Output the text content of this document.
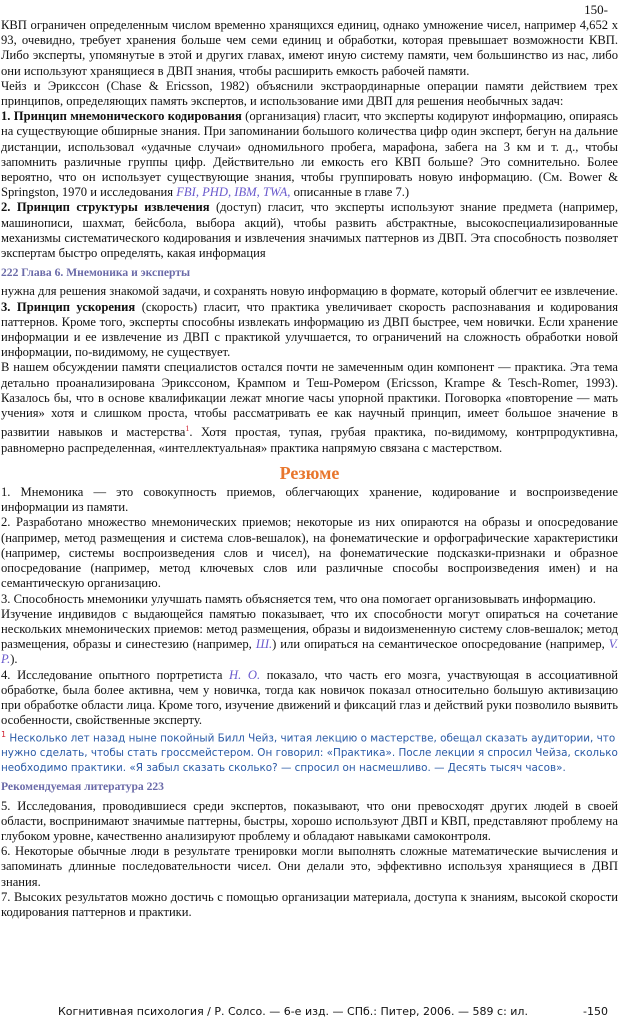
150-

КВП ограничен определенным числом временно хранящихся единиц, однако умножение чисел, например 4,652 x 93, очевидно, требует хранения больше чем семи единиц и обработки, которая превышает возможности КВП. Либо эксперты, упомянутые в этой и других главах, имеют иную систему памяти, чем большинство из нас, либо они используют хранящиеся в ДВП знания, чтобы расширить емкость рабочей памяти.

Чейз и Эрикссон (Chase & Ericsson, 1982) объяснили экстраординарные операции памяти действием трех принципов, определяющих память экспертов, и использование ими ДВП для решения необычных задач:

1. Принцип мнемонического кодирования (организация) гласит, что эксперты кодируют информацию, опираясь на существующие обширные знания. При запоминании большого количества цифр один эксперт, бегун на дальние дистанции, использовал «удачные случаи» одномильного пробега, марафона, забега на 3 км и т. д., чтобы запомнить различные группы цифр. Действительно ли емкость его КВП больше? Это сомнительно. Более вероятно, что он использует существующие знания, чтобы группировать новую информацию. (См. Bower & Springston, 1970 и исследования FBI, PHD, IBM, TWA, описанные в главе 7.)

2. Принцип структуры извлечения (доступ) гласит, что эксперты используют знание предмета (например, машинописи, шахмат, бейсбола, выбора акций), чтобы развить абстрактные, высокоспециализированные механизмы систематического кодирования и извлечения значимых паттернов из ДВП. Эта способность позволяет экспертам быстро определять, какая информация

222 Глава 6. Мнемоника и эксперты

нужна для решения знакомой задачи, и сохранять новую информацию в формате, который облегчит ее извлечение. 3. Принцип ускорения (скорость) гласит, что практика увеличивает скорость распознавания и кодирования паттернов. Кроме того, эксперты способны извлекать информацию из ДВП быстрее, чем новички. Если хранение информации и ее извлечение из ДВП с практикой улучшается, то ограничений на сложность обработки новой информации, по-видимому, не существует.

В нашем обсуждении памяти специалистов остался почти не замеченным один компонент — практика. Эта тема детально проанализирована Эрикссоном, Крампом и Теш-Ромером (Ericsson, Krampe & Tesch-Romer, 1993). Казалось бы, что в основе квалификации лежат многие часы упорной практики. Поговорка «повторение — мать учения» хотя и слишком проста, чтобы рассматривать ее как научный принцип, имеет большое значение в развитии навыков и мастерства$^1$. Хотя простая, тупая, грубая практика, по-видимому, контрпродуктивна, равномерно распределенная, «интеллектуальная» практика напрямую связана с мастерством.

Резюме

1. Мнемоника — это совокупность приемов, облегчающих хранение, кодирование и воспроизведение информации из памяти.

2. Разработано множество мнемонических приемов; некоторые из них опираются на образы и опосредование (например, метод размещения и система слов-вешалок), на фонематические и орфографические характеристики (например, системы воспроизведения слов и чисел), на фонематические подсказки-признаки и образное опосредование (например, метод ключевых слов или различные способы воспроизведения имен) и на семантическую организацию.

3. Способность мнемоники улучшать память объясняется тем, что она помогает организовывать информацию.

Изучение индивидов с выдающейся памятью показывает, что их способности могут опираться на сочетание нескольких мнемонических приемов: метод размещения, образы и видоизмененную систему слов-вешалок; метод размещения, образы и синестезию (например, Ш.) или опираться на семантическое опосредование (например, V. P.).

4. Исследование опытного портретиста Н. О. показало, что часть его мозга, участвующая в ассоциативной обработке, была более активна, чем у новичка, тогда как новичок показал относительно большую активизацию при обработке области лица. Кроме того, изучение движений и фиксаций глаз и действий руки позволило выявить особенности, свойственные эксперту.

$^1$ Несколько лет назад ныне покойный Билл Чейз, читая лекцию о мастерстве, обещал сказать аудитории, что нужно сделать, чтобы стать гроссмейстером. Он говорил: «Практика». После лекции я спросил Чейза, сколько необходимо практики. «Я забыл сказать сколько? — спросил он насмешливо. — Десять тысяч часов».

Рекомендуемая литература 223

5. Исследования, проводившиеся среди экспертов, показывают, что они превосходят других людей в своей области, воспринимают значимые паттерны, быстры, хорошо используют ДВП и КВП, представляют проблему на глубоком уровне, качественно анализируют проблему и обладают навыками самоконтроля.

6. Некоторые обычные люди в результате тренировки могли выполнять сложные математические вычисления и запоминать длинные последовательности чисел. Они делали это, эффективно используя хранящиеся в ДВП знания.

7. Высоких результатов можно достичь с помощью организации материала, доступа к знаниям, высокой скорости кодирования паттернов и практики.

Когнитивная психология / Р. Солсо. — 6-е изд. — СПб.: Питер, 2006. — 589 с: ил.	-150
